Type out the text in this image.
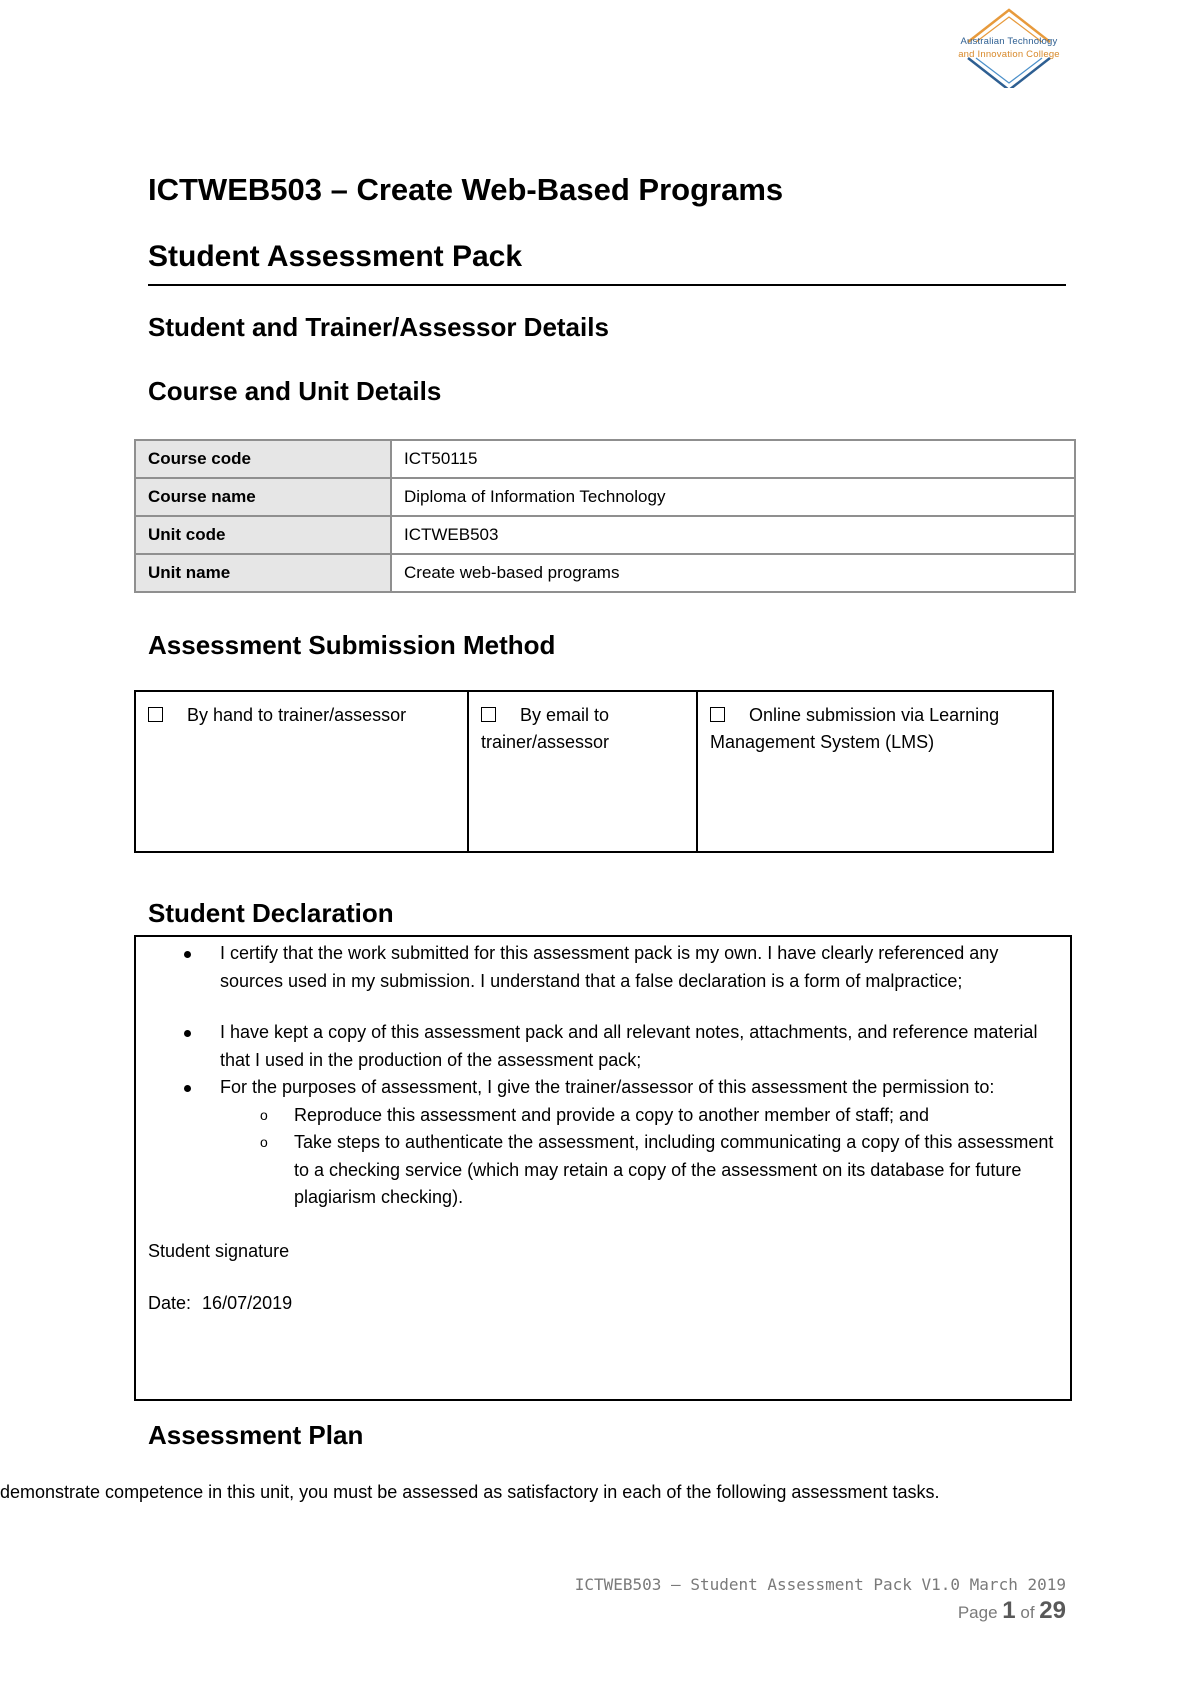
Australian Technology
and Innovation College
ICTWEB503 – Create Web-Based Programs
Student Assessment Pack
Student and Trainer/Assessor Details
Course and Unit Details
Course code	ICT50115
Course name	Diploma of Information Technology
Unit code	ICTWEB503
Unit name	Create web-based programs
Assessment Submission Method
By hand to trainer/assessor	By email to trainer/assessor	Online submission via Learning Management System (LMS)
Student Declaration
I certify that the work submitted for this assessment pack is my own. I have clearly referenced any sources used in my submission. I understand that a false declaration is a form of malpractice;
I have kept a copy of this assessment pack and all relevant notes, attachments, and reference material that I used in the production of the assessment pack;
For the purposes of assessment, I give the trainer/assessor of this assessment the permission to:
o Reproduce this assessment and provide a copy to another member of staff; and
o Take steps to authenticate the assessment, including communicating a copy of this assessment to a checking service (which may retain a copy of the assessment on its database for future plagiarism checking).
Student signature
Date: 16/07/2019
Assessment Plan
demonstrate competence in this unit, you must be assessed as satisfactory in each of the following assessment tasks.
ICTWEB503 – Student Assessment Pack V1.0 March 2019
Page 1 of 29
